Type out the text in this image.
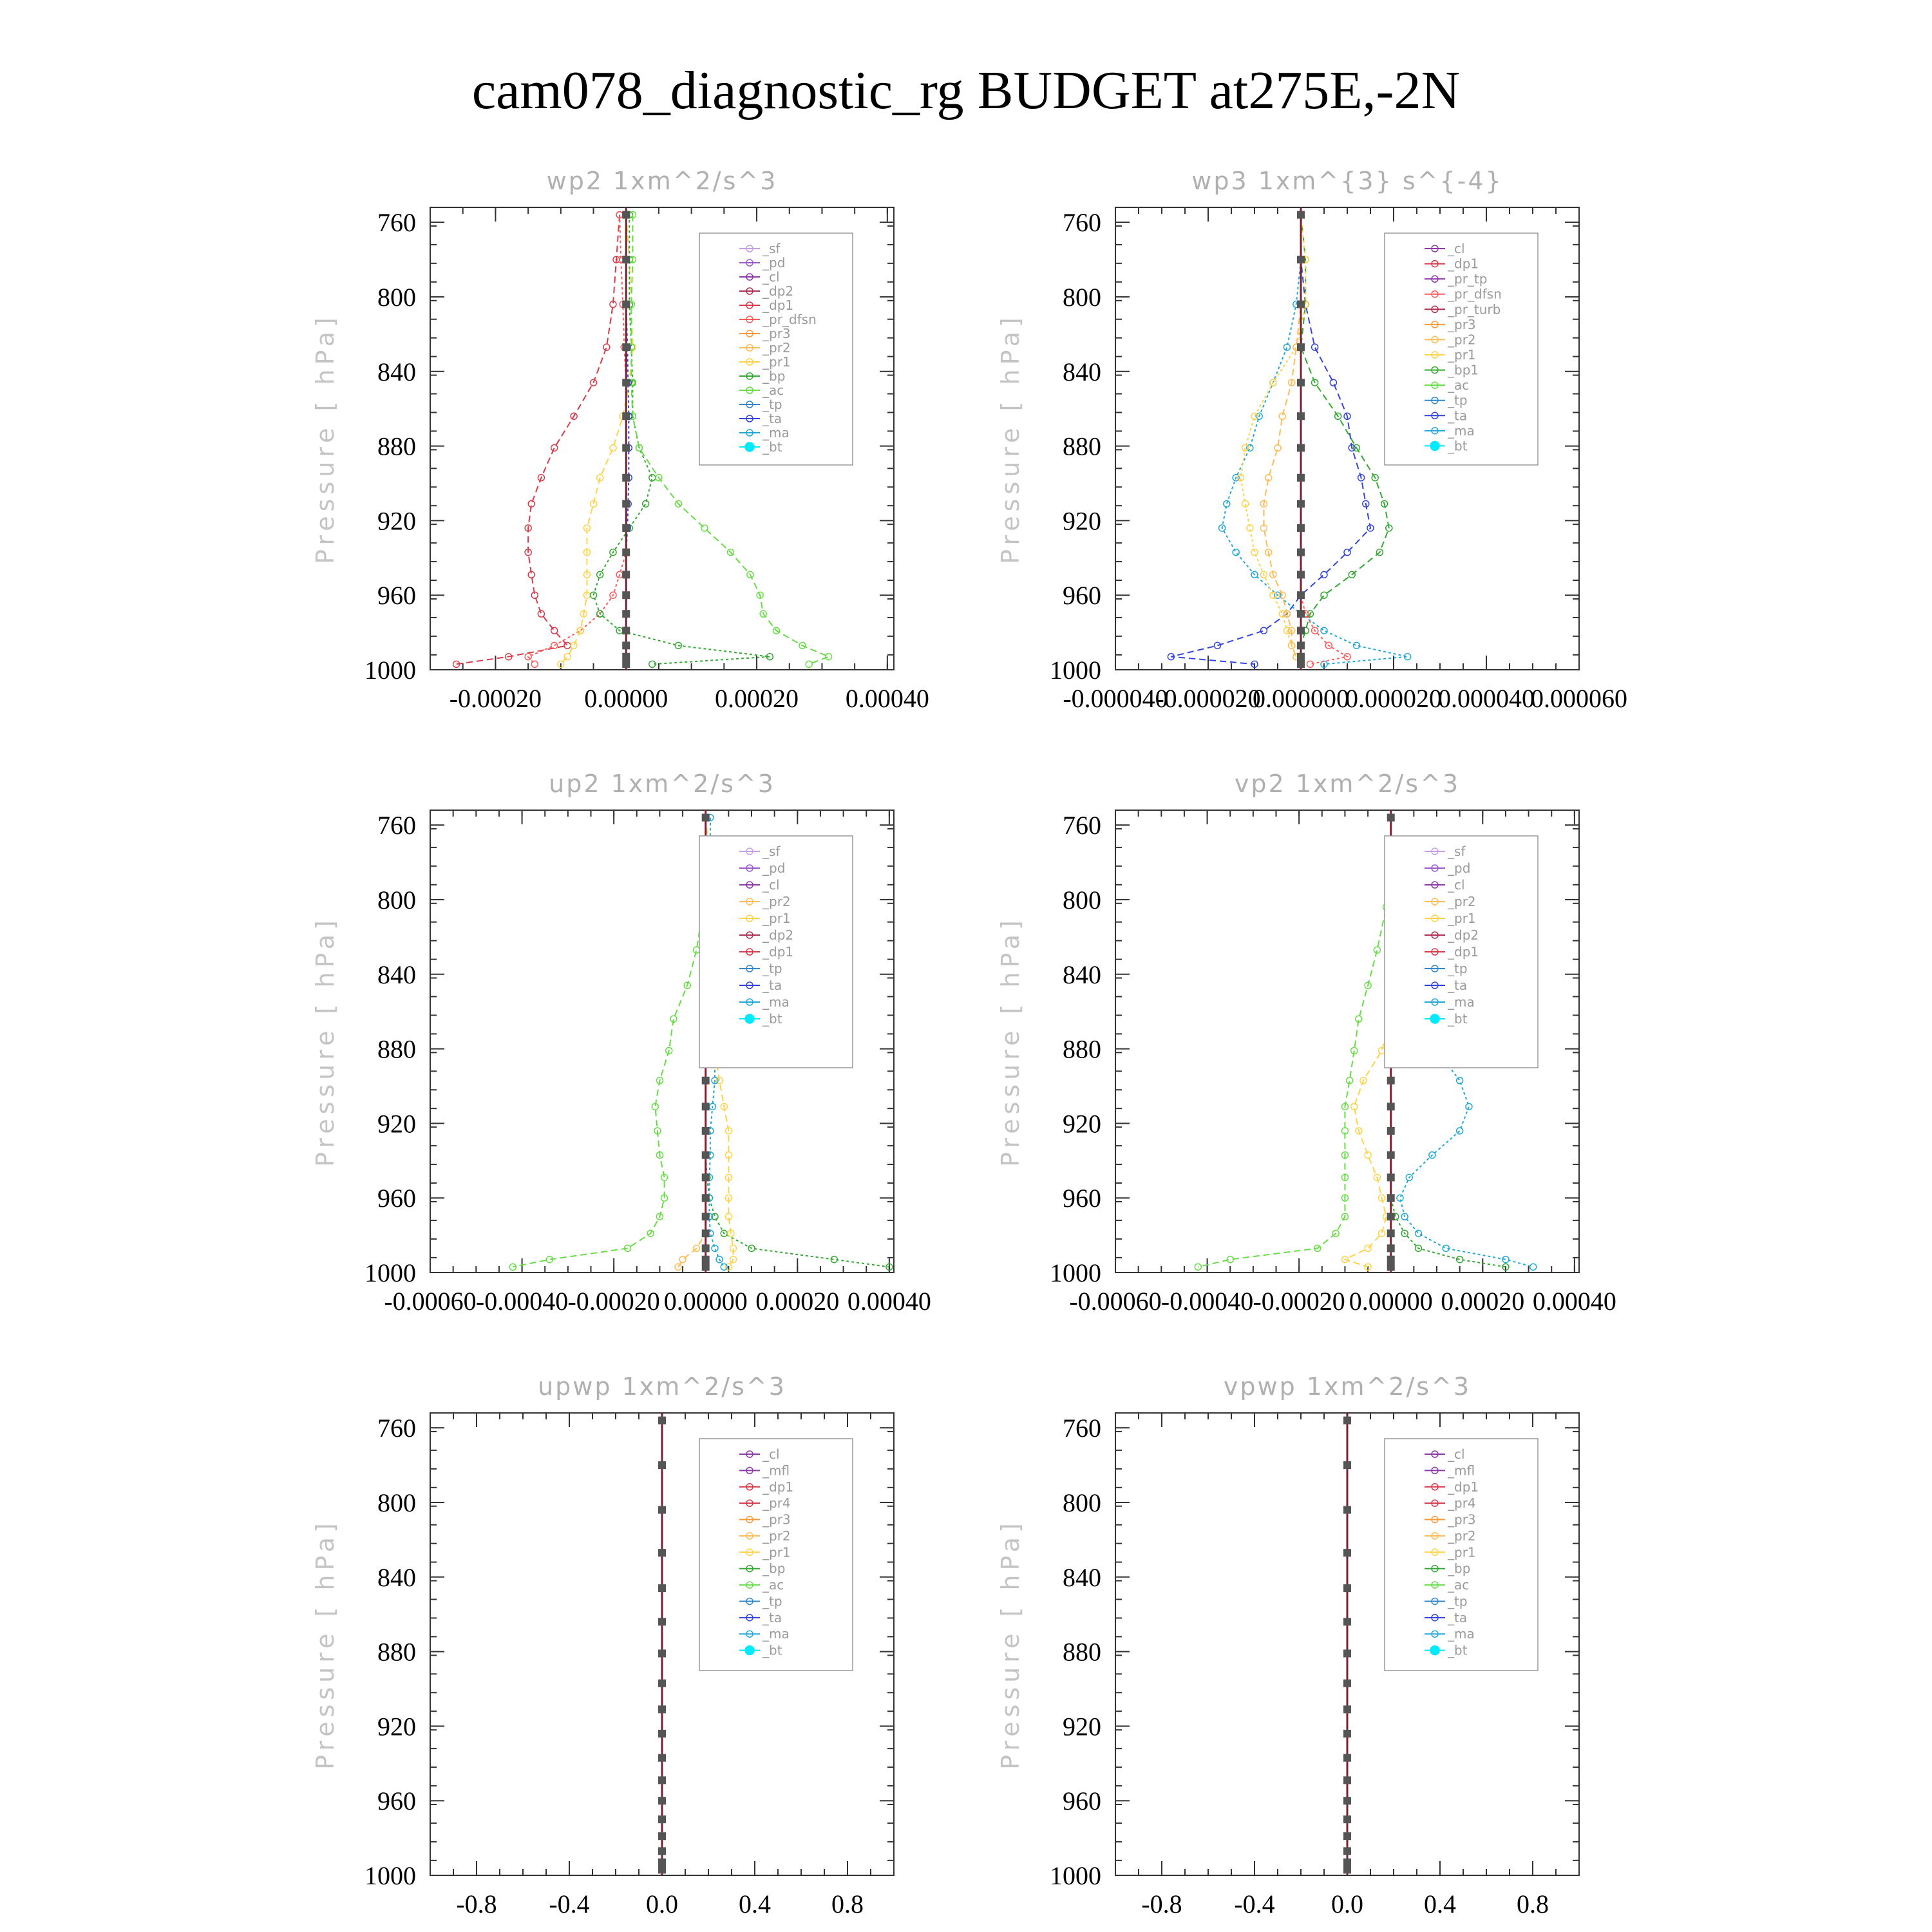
cam078_diagnostic_rg BUDGET at275E,-2N
wp2 1xm^2/s^3
Pressure [ hPa]
760
800
840
880
920
960
1000
-0.00020 0.00000 0.00020 0.00040
_sf
_pd
_cl
_dp2
_dp1
_pr_dfsn
_pr3
_pr2
_pr1
_bp
_ac
_tp
_ta
_ma
_bt
wp3 1xm^{3} s^{-4}
Pressure [ hPa]
760
800
840
880
920
960
1000
-0.000040
-0.000020
0.000000
0.000020
0.000040
0.000060
_cl
_dp1
_pr_tp
_pr_dfsn
_pr_turb
_pr3
_pr2
_pr1
_bp1
_ac
_tp
_ta
_ma
_bt
up2 1xm^2/s^3
Pressure [ hPa]
760
800
840
880
920
960
1000
-0.00060 -0.00040 -0.00020 0.00000 0.00020 0.00040
_sf
_pd
_cl
_pr2
_pr1
_dp2
_dp1
_tp
_ta
_ma
_bt
vp2 1xm^2/s^3
Pressure [ hPa]
760
800
840
880
920
960
1000
-0.00060 -0.00040 -0.00020 0.00000 0.00020 0.00040
_sf
_pd
_cl
_pr2
_pr1
_dp2
_dp1
_tp
_ta
_ma
_bt
upwp 1xm^2/s^3
Pressure [ hPa]
760
800
840
880
920
960
1000
-0.8 -0.4 0.0 0.4 0.8
_cl
_mfl
_dp1
_pr4
_pr3
_pr2
_pr1
_bp
_ac
_tp
_ta
_ma
_bt
vpwp 1xm^2/s^3
Pressure [ hPa]
760
800
840
880
920
960
1000
-0.8 -0.4 0.0 0.4 0.8
_cl
_mfl
_dp1
_pr4
_pr3
_pr2
_pr1
_bp
_ac
_tp
_ta
_ma
_bt
